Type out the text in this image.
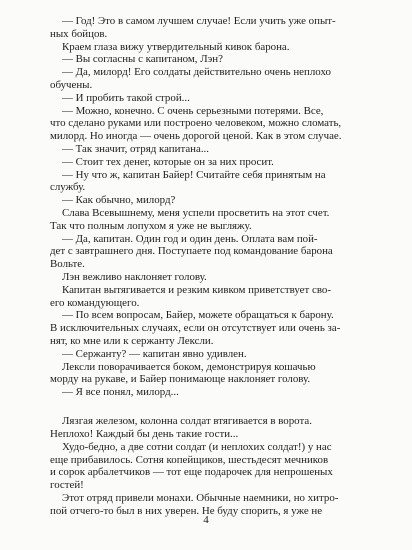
— Год! Это в самом лучшем случае! Если учить уже опыт-
ных бойцов.
Краем глаза вижу утвердительный кивок барона.
— Вы согласны с капитаном, Лэн?
— Да, милорд! Его солдаты действительно очень неплохо
обучены.
— И пробить такой строй...
— Можно, конечно. С очень серьезными потерями. Все,
что сделано руками или построено человеком, можно сломать,
милорд. Но иногда — очень дорогой ценой. Как в этом случае.
— Так значит, отряд капитана...
— Стоит тех денег, которые он за них просит.
— Ну что ж, капитан Байер! Считайте себя принятым на
службу.
— Как обычно, милорд?
Слава Всевышнему, меня успели просветить на этот счет.
Так что полным лопухом я уже не выгляжу.
— Да, капитан. Один год и один день. Оплата вам пой-
дет с завтрашнего дня. Поступаете под командование барона
Вольте.
Лэн вежливо наклоняет голову.
Капитан вытягивается и резким кивком приветствует сво-
его командующего.
— По всем вопросам, Байер, можете обращаться к барону.
В исключительных случаях, если он отсутствует или очень за-
нят, ко мне или к сержанту Лексли.
— Сержанту? — капитан явно удивлен.
Лексли поворачивается боком, демонстрируя кошачью
морду на рукаве, и Байер понимающе наклоняет голову.
— Я все понял, милорд...
Лязгая железом, колонна солдат втягивается в ворота.
Неплохо! Каждый бы день такие гости...
Худо-бедно, а две сотни солдат (и неплохих солдат!) у нас
еще прибавилось. Сотня копейщиков, шестьдесят мечников
и сорок арбалетчиков — тот еще подарочек для непрошеных
гостей!
Этот отряд привели монахи. Обычные наемники, но хитро-
пой отчего-то был в них уверен. Не буду спорить, я уже не
4
